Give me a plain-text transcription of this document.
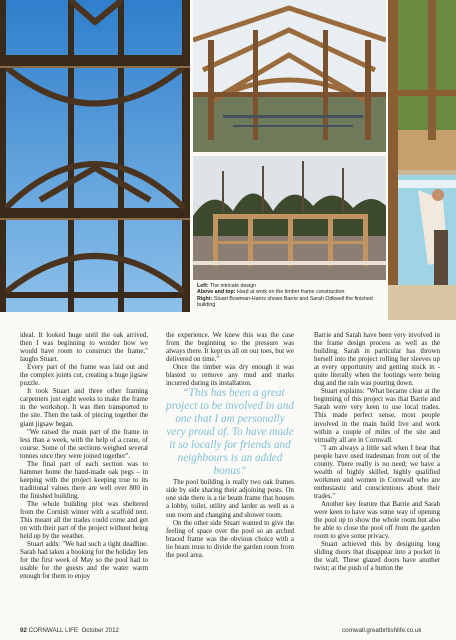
Left: The intricate design
Above and top: Hard at work on the timber frame construction
Right: Stuart Bowman-Harris shows Barrie and Sarah Odkwell the finished building

ideal. It looked huge until the oak arrived, then I was beginning to wonder how we would have room to construct the frame," laughs Stuart.

Every part of the frame was laid out and the complex joints cut, creating a huge jigsaw puzzle.

It took Stuart and three other framing carpenters just eight weeks to make the frame in the workshop. It was then transported to the site. Then the task of piecing together the giant jigsaw began.

"We raised the main part of the frame in less than a week, with the help of a crane, of course. Some of the sections weighed several tonnes once they were joined together".

The final part of each section was to hammer home the hand-made oak pegs – in keeping with the project keeping true to its traditional values there are well over 800 in the finished building.

The whole building plot was sheltered from the Cornish winter with a scaffold tent. This meant all the trades could come and get on with their part of the project without being held up by the weather.

Stuart adds: "We had such a tight deadline. Sarah had taken a booking for the holiday lets for the first week of May so the pool had to usable for the guests and the water warm enough for them to enjoy

the experience. We knew this was the case from the beginning so the pressure was always there. It kept us all on our toes, but we delivered on time."

Once the timber was dry enough it was blasted to remove any mud and marks incurred during its installation.

“This has been a great project to be involved in and one that I am personally very proud of. To have made it so locally for friends and neighbours is an added bonus”

The pool building is really two oak frames side by side sharing their adjoining posts. On one side there is a tie beam frame that houses a lobby, toilet, utility and larder as well as a sun room and changing and shower room.

On the other side Stuart wanted to give the feeling of space over the pool so an arched braced frame was the obvious choice with a tie beam truss to divide the garden room from the pool area.

Barrie and Sarah have been very involved in the frame design process as well as the building. Sarah in particular has thrown herself into the project rolling her sleeves up at every opportunity and getting stuck in - quite literally when the footings were being dug and the rain was pouring down.

Stuart explains: "What became clear at the beginning of this project was that Barrie and Sarah were very keen to use local trades. This made perfect sense, most people involved in the main build live and work within a couple of miles of the site and virtually all are in Cornwall.

"I am always a little sad when I hear that people have used tradesman from out of the county. There really is no need; we have a wealth of highly skilled, highly qualified workmen and women in Cornwall who are enthusiastic and conscientious about their trades."

Another key feature that Barrie and Sarah were keen to have was some way of opening the pool up to show the whole room but also be able to close the pool off from the garden room to give some privacy.

Stuart achieved this by designing long sliding doors that disappear into a pocket in the wall. These glazed doors have another twist; at the push of a button the

92 CORNWALL LIFE October 2012	cornwall.greatbritishlife.co.uk
